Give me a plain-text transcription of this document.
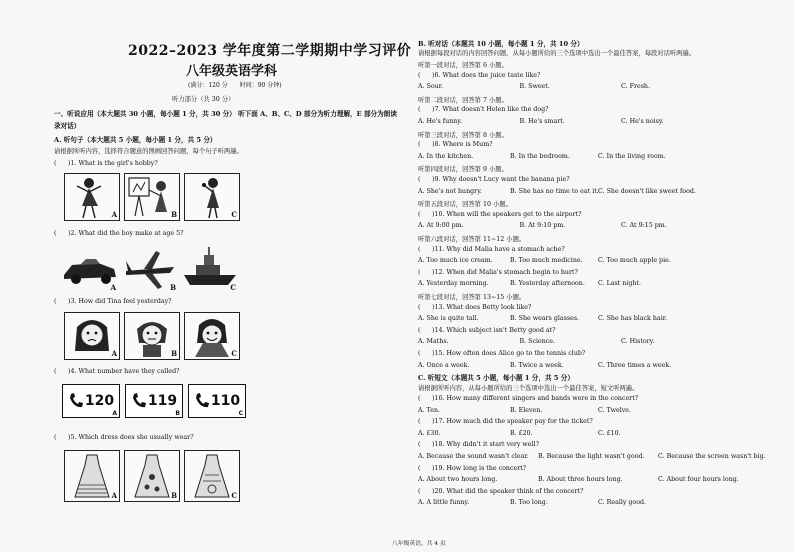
2022–2023 学年度第二学期期中学习评价
八年级英语学科
(满分：120 分　　时间：90 分钟)
听力部分（共 30 分）
一、听说应用（本大题共 30 小题，每小题 1 分，共 30 分） 听下面 A、B、C、D 部分为听力理解，E 部分为朗读
录对话）
A. 听句子（本大题共 5 小题，每小题 1 分，共 5 分）
请根据所听内容，选择符合题意的图画回答问题，每个句子听两遍。
( )1. What is the girl's hobby?
A	B	C
( )2. What did the boy make at age 5?
A	B	C
( )3. How did Tina feel yesterday?
A	B	C
( )4. What number have they called?
120
A
119
B
110
C
( )5. Which dress does she usually wear?
A	B	C
B. 听对话（本题共 10 小题，每小题 1 分，共 10 分）
请根据每段对话的内容回答问题，从每小题所给的三个选项中选出一个最佳答案，每段对话听两遍。
C. 听短文（本题共 5 小题，每小题 1 分，共 5 分）
请根据所听内容，从每小题所给的三个选项中选出一个最佳答案，短文听两遍。
听第一段对话，回答第 6 小题。
( )6. What does the juice taste like?
A. Sour.	B. Sweet.	C. Fresh.
听第二段对话，回答第 7 小题。
( )7. What doesn't Helen like the dog?
A. He's funny.	B. He's smart.	C. He's noisy.
听第三段对话，回答第 8 小题。
( )8. Where is Mum?
A. In the kitchen.	B. In the bedroom.	C. In the living room.
听第四段对话，回答第 9 小题。
( )9. Why doesn't Lucy want the banana pie?
A. She's not hungry.	B. She has no time to eat it. C. She doesn't like sweet food.
听第五段对话，回答第 10 小题。
( )10. When will the speakers get to the airport?
A. At 9:00 pm.	B. At 9:10 pm.	C. At 9:15 pm.
听第六段对话，回答第 11~12 小题。
( )11. Why did Malia have a stomach ache?
A. Too much ice cream.	B. Too much medicine. C. Too much apple pie.
( )12. When did Malia's stomach begin to hurt?
A. Yesterday morning.	B. Yesterday afternoon. C. Last night.
听第七段对话，回答第 13~15 小题。
( )13. What does Betty look like?
A. She is quite tall.	B. She wears glasses.	C. She has black hair.
( )14. Which subject isn't Betty good at?
A. Maths.	B. Science.	C. History.
( )15. How often does Alice go to the tennis club?
A. Once a week.	B. Twice a week.	C. Three times a week.
( )16. How many different singers and bands were in the concert?
A. Ten.	B. Eleven.	C. Twelve.
( )17. How much did the speaker pay for the ticket?
A. £30.	B. £20.	C. £10.
( )18. Why didn't it start very well?
A. Because the sound wasn't clear. B. Because the light wasn't good. C. Because the screen wasn't big.
( )19. How long is the concert?
A. About two hours long.	B. About three hours long.	C. About four hours long.
( )20. What did the speaker think of the concert?
A. A little funny.	B. Too long.	C. Really good.
八年级英语，共 4 页
